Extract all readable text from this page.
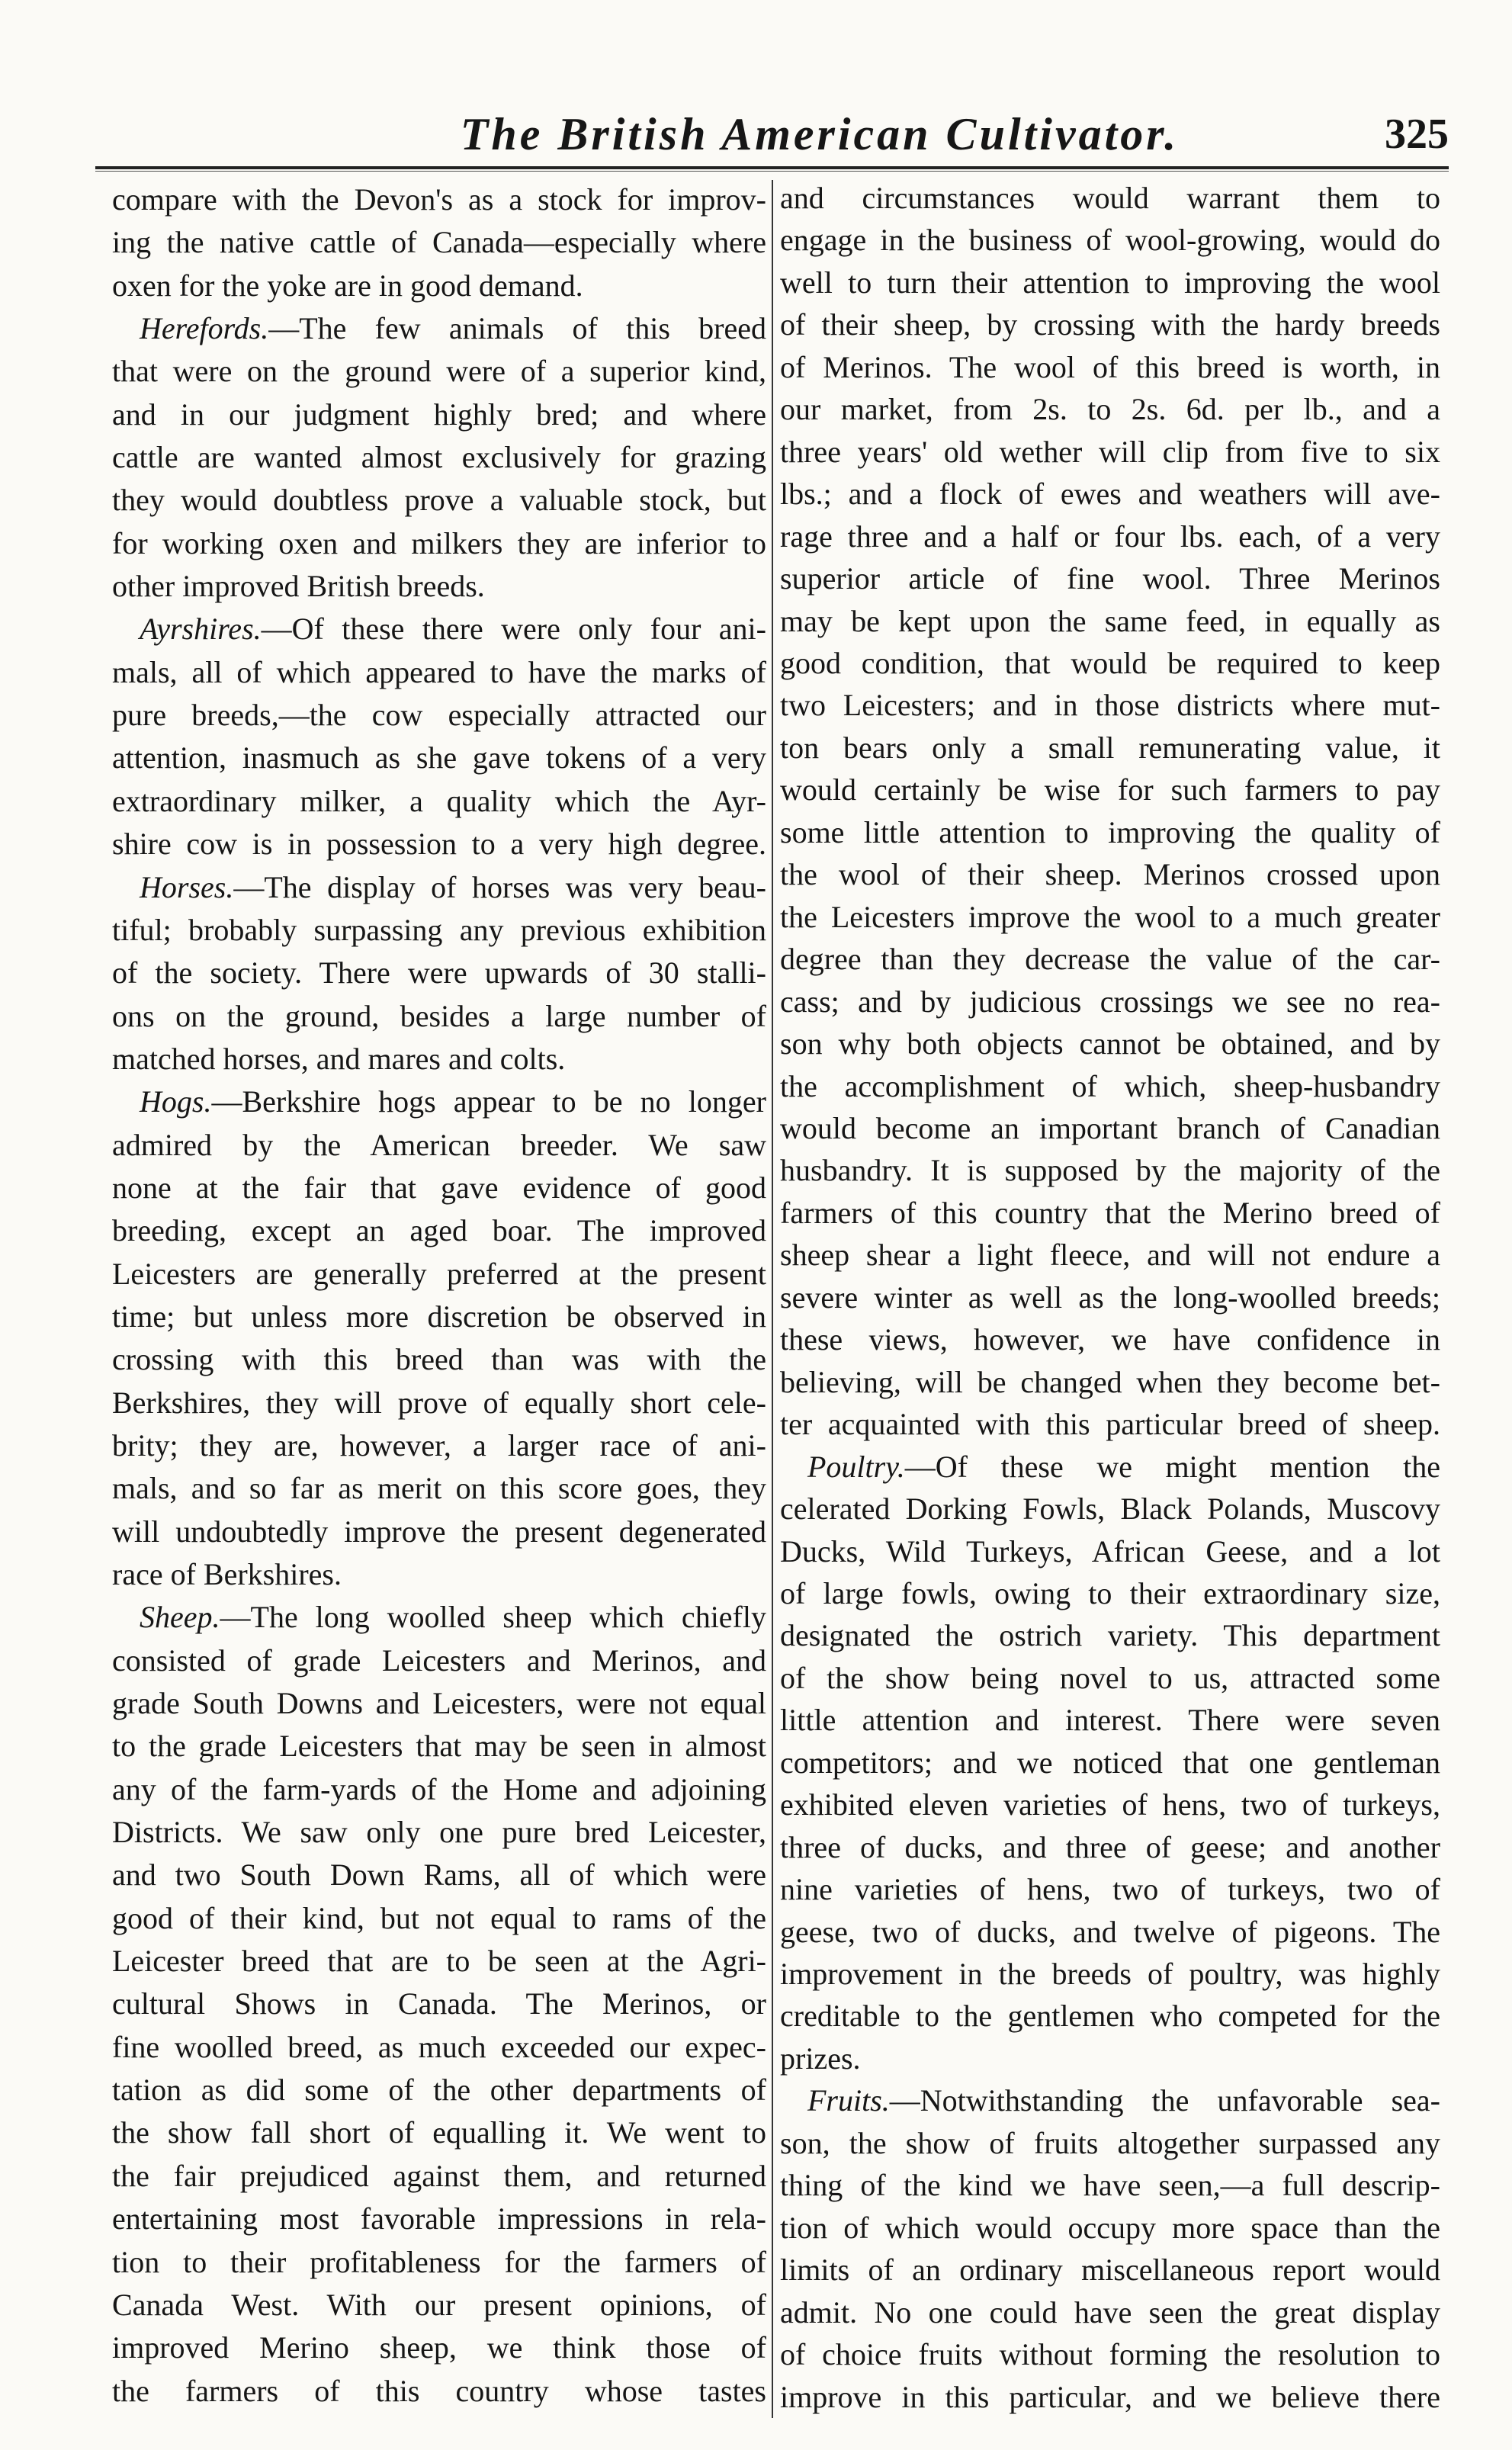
The British American Cultivator.	325
compare with the Devon's as a stock for improv-
ing the native cattle of Canada—especially where
oxen for the yoke are in good demand.
Herefords.—The few animals of this breed
that were on the ground were of a superior kind,
and in our judgment highly bred; and where
cattle are wanted almost exclusively for grazing
they would doubtless prove a valuable stock, but
for working oxen and milkers they are inferior to
other improved British breeds.
Ayrshires.—Of these there were only four ani-
mals, all of which appeared to have the marks of
pure breeds,—the cow especially attracted our
attention, inasmuch as she gave tokens of a very
extraordinary milker, a quality which the Ayr-
shire cow is in possession to a very high degree.
Horses.—The display of horses was very beau-
tiful; brobably surpassing any previous exhibition
of the society. There were upwards of 30 stalli-
ons on the ground, besides a large number of
matched horses, and mares and colts.
Hogs.—Berkshire hogs appear to be no longer
admired by the American breeder. We saw
none at the fair that gave evidence of good
breeding, except an aged boar. The improved
Leicesters are generally preferred at the present
time; but unless more discretion be observed in
crossing with this breed than was with the
Berkshires, they will prove of equally short cele-
brity; they are, however, a larger race of ani-
mals, and so far as merit on this score goes, they
will undoubtedly improve the present degenerated
race of Berkshires.
Sheep.—The long woolled sheep which chiefly
consisted of grade Leicesters and Merinos, and
grade South Downs and Leicesters, were not equal
to the grade Leicesters that may be seen in almost
any of the farm-yards of the Home and adjoining
Districts. We saw only one pure bred Leicester,
and two South Down Rams, all of which were
good of their kind, but not equal to rams of the
Leicester breed that are to be seen at the Agri-
cultural Shows in Canada. The Merinos, or
fine woolled breed, as much exceeded our expec-
tation as did some of the other departments of
the show fall short of equalling it. We went to
the fair prejudiced against them, and returned
entertaining most favorable impressions in rela-
tion to their profitableness for the farmers of
Canada West. With our present opinions, of
improved Merino sheep, we think those of
the farmers of this country whose tastes
and circumstances would warrant them to
engage in the business of wool-growing, would do
well to turn their attention to improving the wool
of their sheep, by crossing with the hardy breeds
of Merinos. The wool of this breed is worth, in
our market, from 2s. to 2s. 6d. per lb., and a
three years' old wether will clip from five to six
lbs.; and a flock of ewes and weathers will ave-
rage three and a half or four lbs. each, of a very
superior article of fine wool. Three Merinos
may be kept upon the same feed, in equally as
good condition, that would be required to keep
two Leicesters; and in those districts where mut-
ton bears only a small remunerating value, it
would certainly be wise for such farmers to pay
some little attention to improving the quality of
the wool of their sheep. Merinos crossed upon
the Leicesters improve the wool to a much greater
degree than they decrease the value of the car-
cass; and by judicious crossings we see no rea-
son why both objects cannot be obtained, and by
the accomplishment of which, sheep-husbandry
would become an important branch of Canadian
husbandry. It is supposed by the majority of the
farmers of this country that the Merino breed of
sheep shear a light fleece, and will not endure a
severe winter as well as the long-woolled breeds;
these views, however, we have confidence in
believing, will be changed when they become bet-
ter acquainted with this particular breed of sheep.
Poultry.—Of these we might mention the
celerated Dorking Fowls, Black Polands, Muscovy
Ducks, Wild Turkeys, African Geese, and a lot
of large fowls, owing to their extraordinary size,
designated the ostrich variety. This department
of the show being novel to us, attracted some
little attention and interest. There were seven
competitors; and we noticed that one gentleman
exhibited eleven varieties of hens, two of turkeys,
three of ducks, and three of geese; and another
nine varieties of hens, two of turkeys, two of
geese, two of ducks, and twelve of pigeons. The
improvement in the breeds of poultry, was highly
creditable to the gentlemen who competed for the
prizes.
Fruits.—Notwithstanding the unfavorable sea-
son, the show of fruits altogether surpassed any
thing of the kind we have seen,—a full descrip-
tion of which would occupy more space than the
limits of an ordinary miscellaneous report would
admit. No one could have seen the great display
of choice fruits without forming the resolution to
improve in this particular, and we believe there
